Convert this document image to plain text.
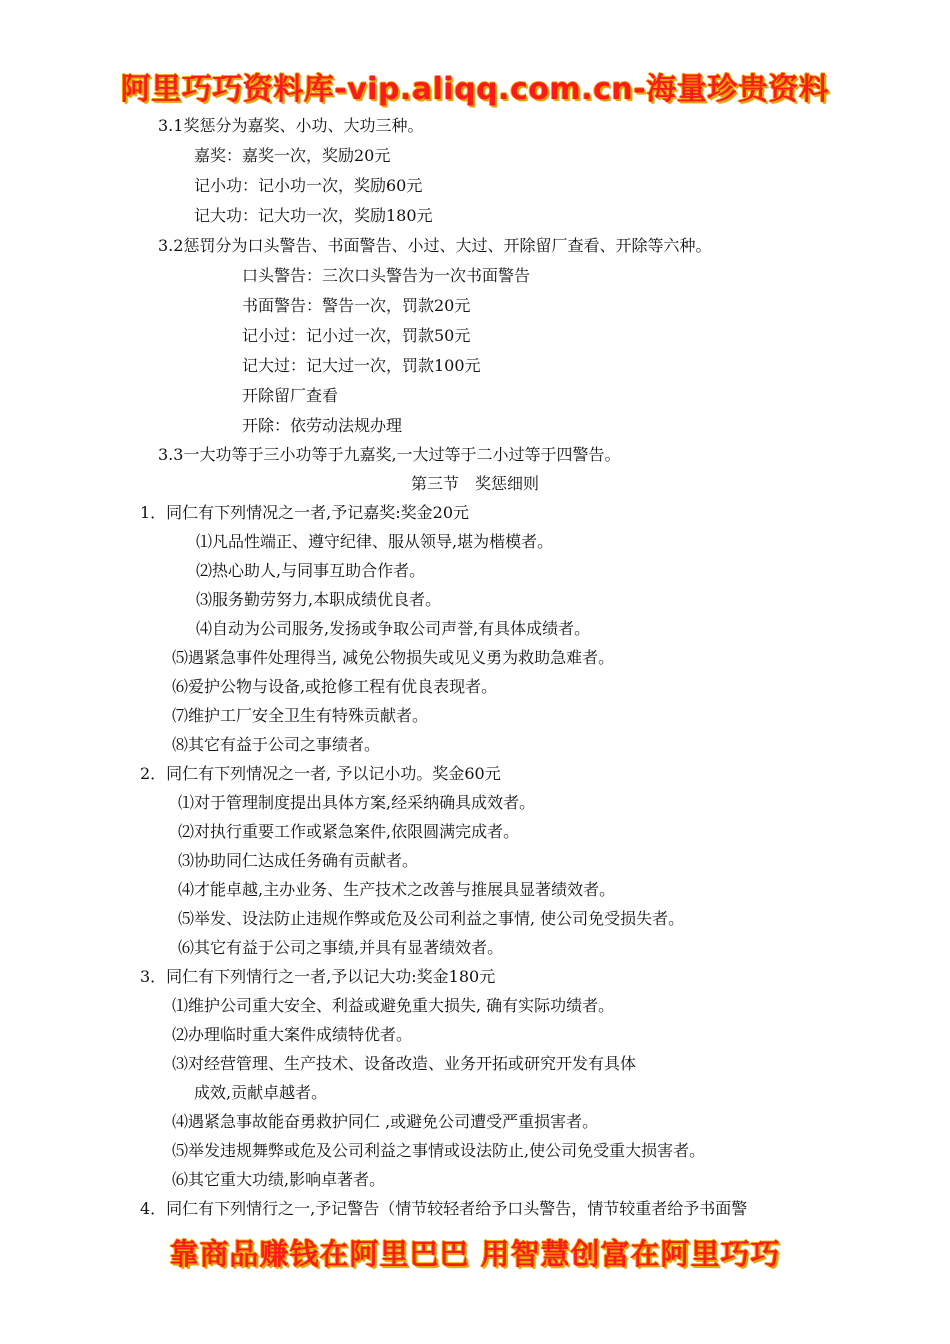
阿里巧巧资料库-vip.aliqq.com.cn-海量珍贵资料
3.1奖惩分为嘉奖、小功、大功三种。
嘉奖：嘉奖一次，奖励20元
记小功：记小功一次，奖励60元
记大功：记大功一次，奖励180元
3.2惩罚分为口头警告、书面警告、小过、大过、开除留厂查看、开除等六种。
口头警告：三次口头警告为一次书面警告
书面警告：警告一次，罚款20元
记小过：记小过一次，罚款50元
记大过：记大过一次，罚款100元
开除留厂查看
开除：依劳动法规办理
3.3一大功等于三小功等于九嘉奖,一大过等于二小过等于四警告。
第三节　奖惩细则
1．同仁有下列情况之一者,予记嘉奖:奖金20元
⑴凡品性端正、遵守纪律、服从领导,堪为楷模者。
⑵热心助人,与同事互助合作者。
⑶服务勤劳努力,本职成绩优良者。
⑷自动为公司服务,发扬或争取公司声誉,有具体成绩者。
⑸遇紧急事件处理得当, 减免公物损失或见义勇为救助急难者。
⑹爱护公物与设备,或抢修工程有优良表现者。
⑺维护工厂安全卫生有特殊贡献者。
⑻其它有益于公司之事绩者。
2．同仁有下列情况之一者, 予以记小功。奖金60元
⑴对于管理制度提出具体方案,经采纳确具成效者。
⑵对执行重要工作或紧急案件,依限圆满完成者。
⑶协助同仁达成任务确有贡献者。
⑷才能卓越,主办业务、生产技术之改善与推展具显著绩效者。
⑸举发、设法防止违规作弊或危及公司利益之事情, 使公司免受损失者。
⑹其它有益于公司之事绩,并具有显著绩效者。
3．同仁有下列情行之一者,予以记大功:奖金180元
⑴维护公司重大安全、利益或避免重大损失, 确有实际功绩者。
⑵办理临时重大案件成绩特优者。
⑶对经营管理、生产技术、设备改造、业务开拓或研究开发有具体
成效,贡献卓越者。
⑷遇紧急事故能奋勇救护同仁 ,或避免公司遭受严重损害者。
⑸举发违规舞弊或危及公司利益之事情或设法防止,使公司免受重大损害者。
⑹其它重大功绩,影响卓著者。
4．同仁有下列情行之一,予记警告（情节较轻者给予口头警告，情节较重者给予书面警
靠商品赚钱在阿里巴巴 用智慧创富在阿里巧巧
